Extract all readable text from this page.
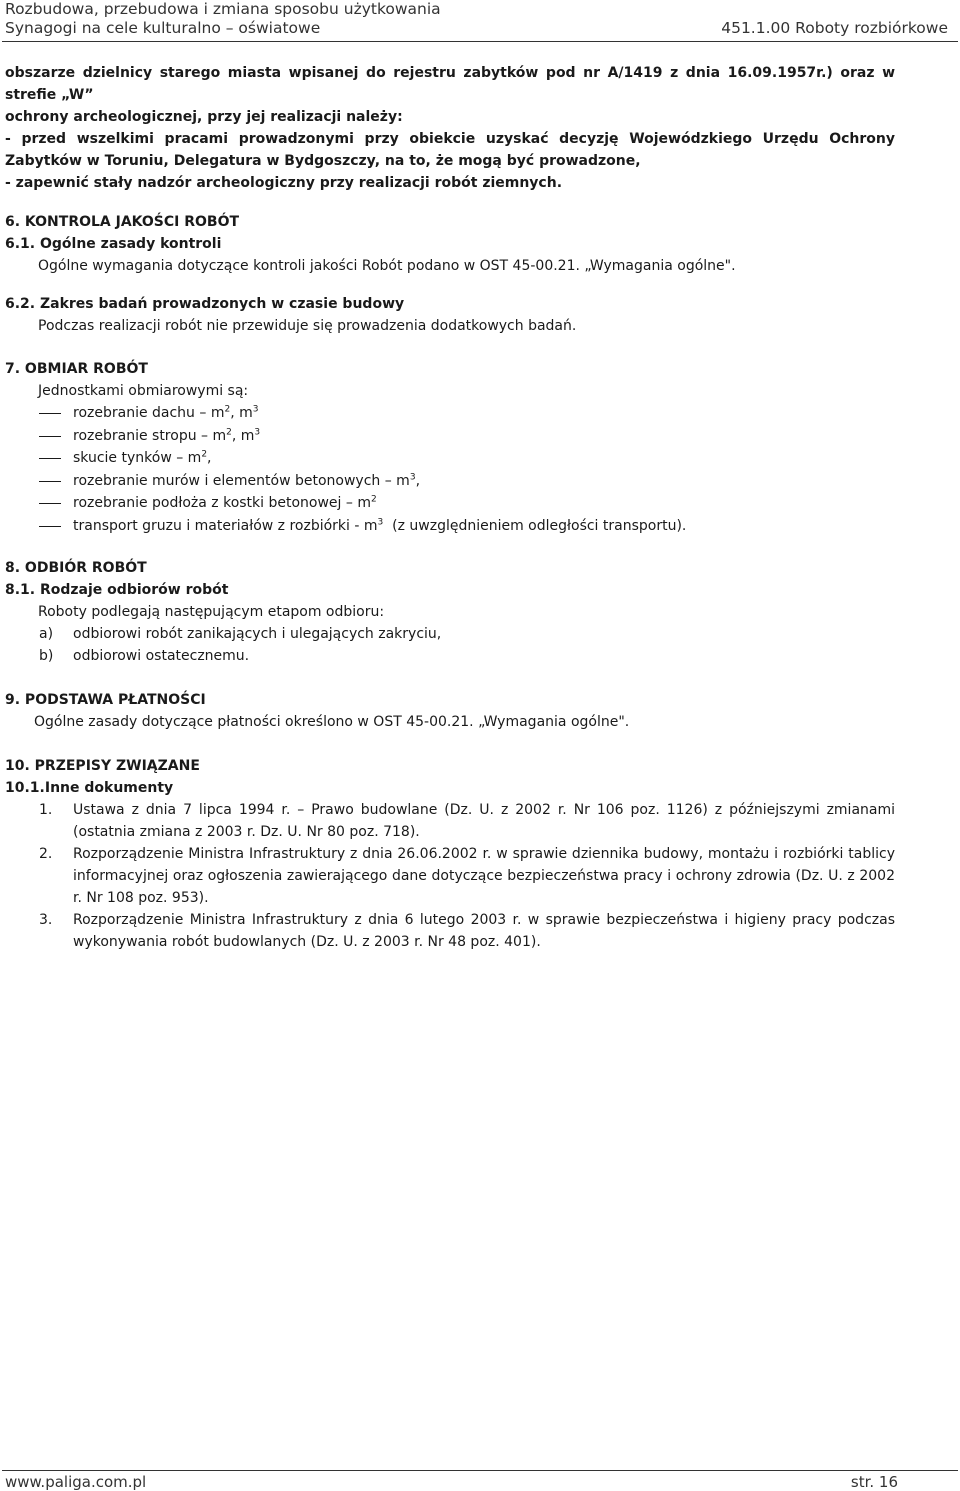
Rozbudowa, przebudowa i zmiana sposobu użytkowania
Synagogi na cele kulturalno – oświatowe	451.1.00 Roboty rozbiórkowe

obszarze dzielnicy starego miasta wpisanej do rejestru zabytków pod nr A/1419 z dnia 16.09.1957r.) oraz w strefie „W”

ochrony archeologicznej, przy jej realizacji należy:

- przed wszelkimi pracami prowadzonymi przy obiekcie uzyskać decyzję Wojewódzkiego Urzędu Ochrony Zabytków w Toruniu, Delegatura w Bydgoszczy, na to, że mogą być prowadzone,

- zapewnić stały nadzór archeologiczny przy realizacji robót ziemnych.

6. KONTROLA JAKOŚCI ROBÓT

6.1. Ogólne zasady kontroli

Ogólne wymagania dotyczące kontroli jakości Robót podano w OST 45-00.21. „Wymagania ogólne".

6.2. Zakres badań prowadzonych w czasie budowy

Podczas realizacji robót nie przewiduje się prowadzenia dodatkowych badań.

7. OBMIAR ROBÓT

Jednostkami obmiarowymi są:

rozebranie dachu – $m^2$, $m^3$
rozebranie stropu – $m^2$, $m^3$
skucie tynków – $m^2$,
rozebranie murów i elementów betonowych – $m^3$,
rozebranie podłoża z kostki betonowej – $m^2$
transport gruzu i materiałów z rozbiórki - $m^3$  (z uwzględnieniem odległości transportu).

8. ODBIÓR ROBÓT

8.1. Rodzaje odbiorów robót

Roboty podlegają następującym etapom odbioru:

a) odbiorowi robót zanikających i ulegających zakryciu,
b) odbiorowi ostatecznemu.

9. PODSTAWA PŁATNOŚCI

Ogólne zasady dotyczące płatności określono w OST 45-00.21. „Wymagania ogólne".

10. PRZEPISY ZWIĄZANE

10.1.Inne dokumenty

1. Ustawa z dnia 7 lipca 1994 r. – Prawo budowlane (Dz. U. z 2002 r. Nr 106 poz. 1126) z późniejszymi zmianami (ostatnia zmiana z 2003 r. Dz. U. Nr 80 poz. 718).
2. Rozporządzenie Ministra Infrastruktury z dnia 26.06.2002 r. w sprawie dziennika budowy, montażu i rozbiórki tablicy informacyjnej oraz ogłoszenia zawierającego dane dotyczące bezpieczeństwa pracy i ochrony zdrowia (Dz. U. z 2002 r. Nr 108 poz. 953).
3. Rozporządzenie Ministra Infrastruktury z dnia 6 lutego 2003 r. w sprawie bezpieczeństwa i higieny pracy podczas wykonywania robót budowlanych (Dz. U. z 2003 r. Nr 48 poz. 401).
www.paliga.com.pl	str. 16
